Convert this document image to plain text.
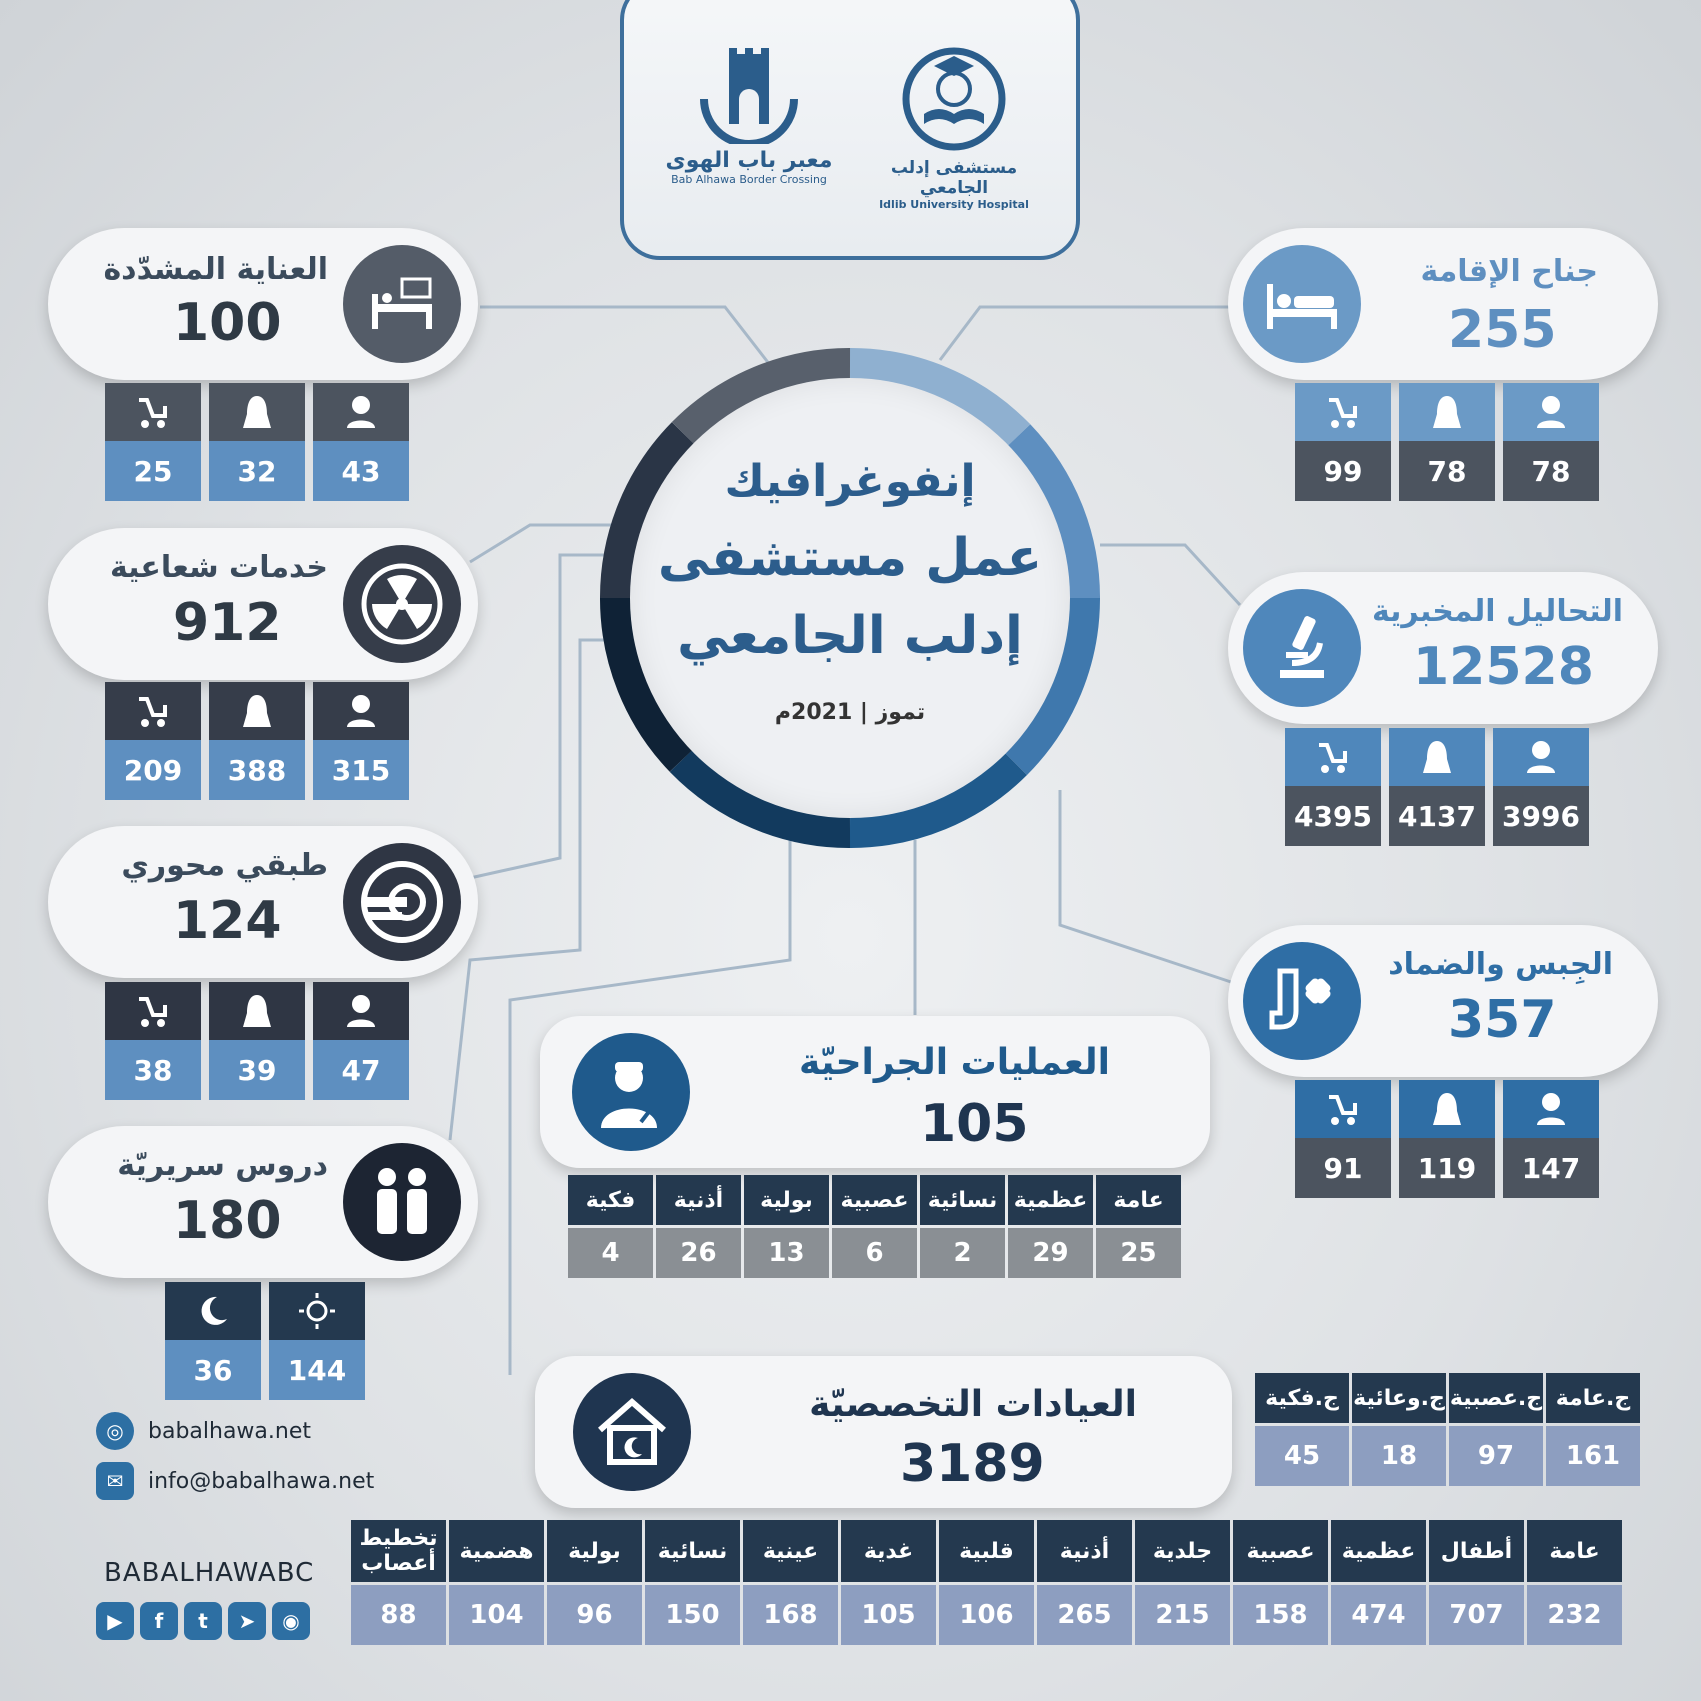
معبر باب الهوى
Bab Alhawa Border Crossing
مستشفى إدلب الجامعي
Idlib University Hospital
إنفوغرافيك
عمل مستشفى
إدلب الجامعي
تموز | 2021م
العناية المشدّدة
100
25	32	43
خدمات شعاعية
912
209	388	315
طبقي محوري
124
38	39	47
دروس سريريّة
180
36	144
جناح الإقامة
255
99	78	78
التحاليل المخبرية
12528
4395 4137 3996
الجِبس والضماد
357
91	119	147
العمليات الجراحيّة
105
فكية	أذنية	بولية	عصبية	نسائية	عظمية	عامة
4	26	13	6	2	29	25
العيادات التخصصيّة
3189
ج.فكية	ج.وعائية	ج.عصبية	ج.عامة
45	18	97	161
تخطيط أعصاب	هضمية	بولية	نسائية	عينية	غدية	قلبية	أذنية	جلدية	عصبية	عظمية	أطفال	عامة
88	104	96	150	168	105	106	265	215	158	474	707	232
◎	babalhawa.net
✉	info@babalhawa.net
BABALHAWABC
▶	f	t	➤	◉
